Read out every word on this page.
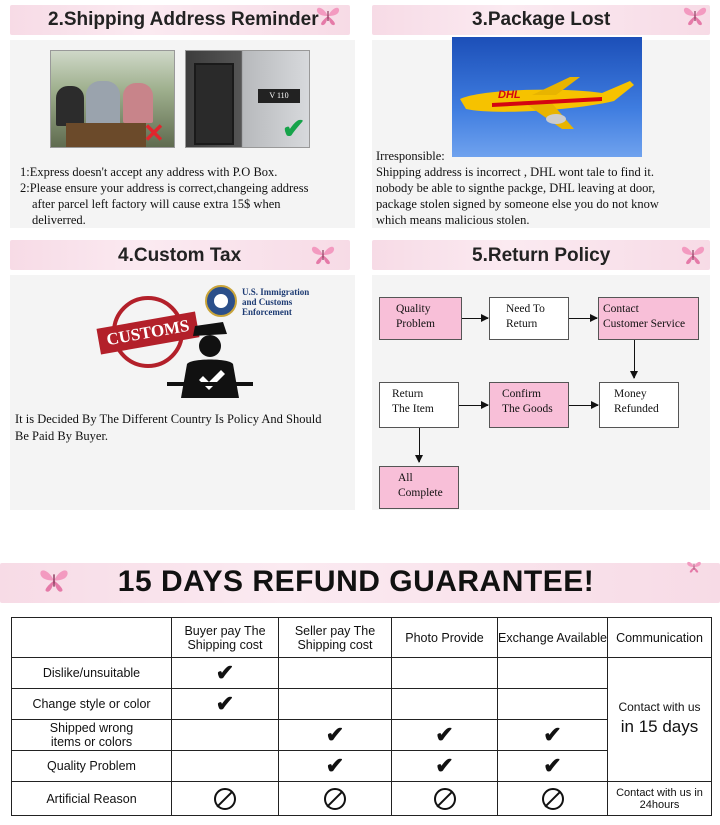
2.Shipping Address Reminder
✕
V 110
✔
1:Express doesn't accept any address with P.O Box.
2:Please ensure your address is correct,changeing address
after parcel left factory will cause extra 15$ when
deliverred.
3.Package Lost
DHL
Irresponsible:
Shipping address is incorrect , DHL wont tale to find it.
nobody be able to signthe packge, DHL leaving at door,
package stolen signed by someone else you do not know
which means malicious stolen.
4.Custom Tax
CUSTOMS
U.S. Immigration
and Customs
Enforcement
It is Decided By The Different Country Is Policy And Should
Be Paid By Buyer.
5.Return Policy
Quality
Problem
Need To
Return
Contact
Customer Service
Return
The Item
Confirm
The Goods
Money
Refunded
All
Complete
15 DAYS REFUND GUARANTEE!
	Buyer pay The Shipping cost	Seller pay The Shipping cost	Photo Provide	Exchange Available	Communication
Dislike/unsuitable	✔				Contact with us
in 15 days

Change style or color	✔				
Shipped wrong items or colors		✔	✔	✔	
Quality Problem		✔	✔	✔	
Artificial Reason					Contact with us in 24hours
